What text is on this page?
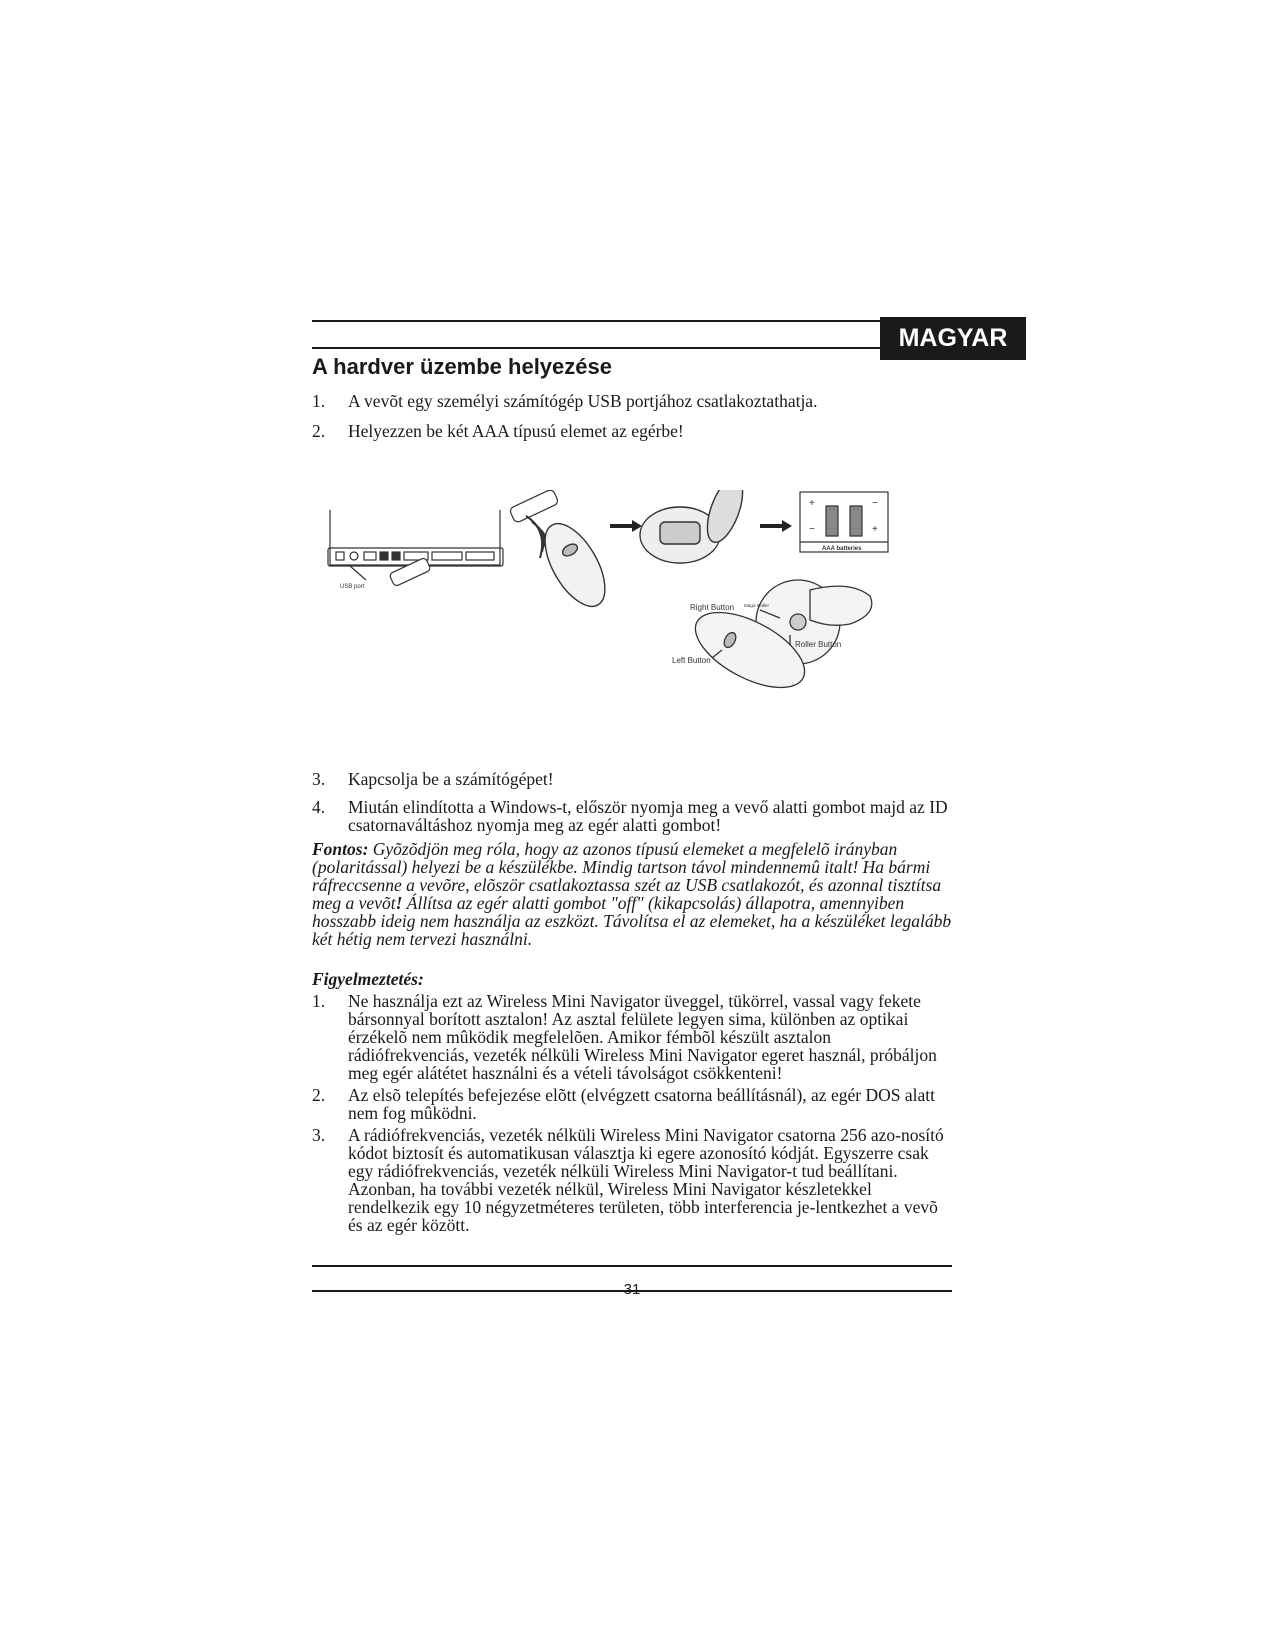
MAGYAR
A hardver üzembe helyezése
1. A vevõt egy személyi számítógép USB portjához csatlakoztathatja.
2. Helyezzen be két AAA típusú elemet az egérbe!
+
−
−
+
USB port
AAA batteries
Right Button Magic Roller
Roller Button
Left Button
3. Kapcsolja be a számítógépet!
4. Miután elindította a Windows-t, először nyomja meg a vevő alatti gombot majd az ID csatornaváltáshoz nyomja meg az egér alatti gombot!
Fontos: Gyõzõdjön meg róla, hogy az azonos típusú elemeket a megfelelõ irányban (polaritással) helyezi be a készülékbe. Mindig tartson távol mindennemû italt! Ha bármi ráfreccsenne a vevõre, elõször csatlakoztassa szét az USB csatlakozót, és azonnal tisztítsa meg a vevõt! Állítsa az egér alatti gombot "off" (kikapcsolás) állapotra, amennyiben hosszabb ideig nem használja az eszközt. Távolítsa el az elemeket, ha a készüléket legalább két hétig nem tervezi használni.
Figyelmeztetés:
1. Ne használja ezt az Wireless Mini Navigator üveggel, tükörrel, vassal vagy fekete bársonnyal borított asztalon! Az asztal felülete legyen sima, különben az optikai érzékelõ nem mûködik megfelelõen. Amikor fémbõl készült asztalon rádiófrekvenciás, vezeték nélküli Wireless Mini Navigator egeret használ, próbáljon meg egér alátétet használni és a vételi távolságot csökkenteni!
2. Az elsõ telepítés befejezése elõtt (elvégzett csatorna beállításnál), az egér DOS alatt nem fog mûködni.
3. A rádiófrekvenciás, vezeték nélküli Wireless Mini Navigator csatorna 256 azo-nosító kódot biztosít és automatikusan választja ki egere azonosító kódját. Egyszerre csak egy rádiófrekvenciás, vezeték nélküli Wireless Mini Navigator-t tud beállítani. Azonban, ha további vezeték nélkül, Wireless Mini Navigator készletekkel rendelkezik egy 10 négyzetméteres területen, több interferencia je-lentkezhet a vevõ és az egér között.
